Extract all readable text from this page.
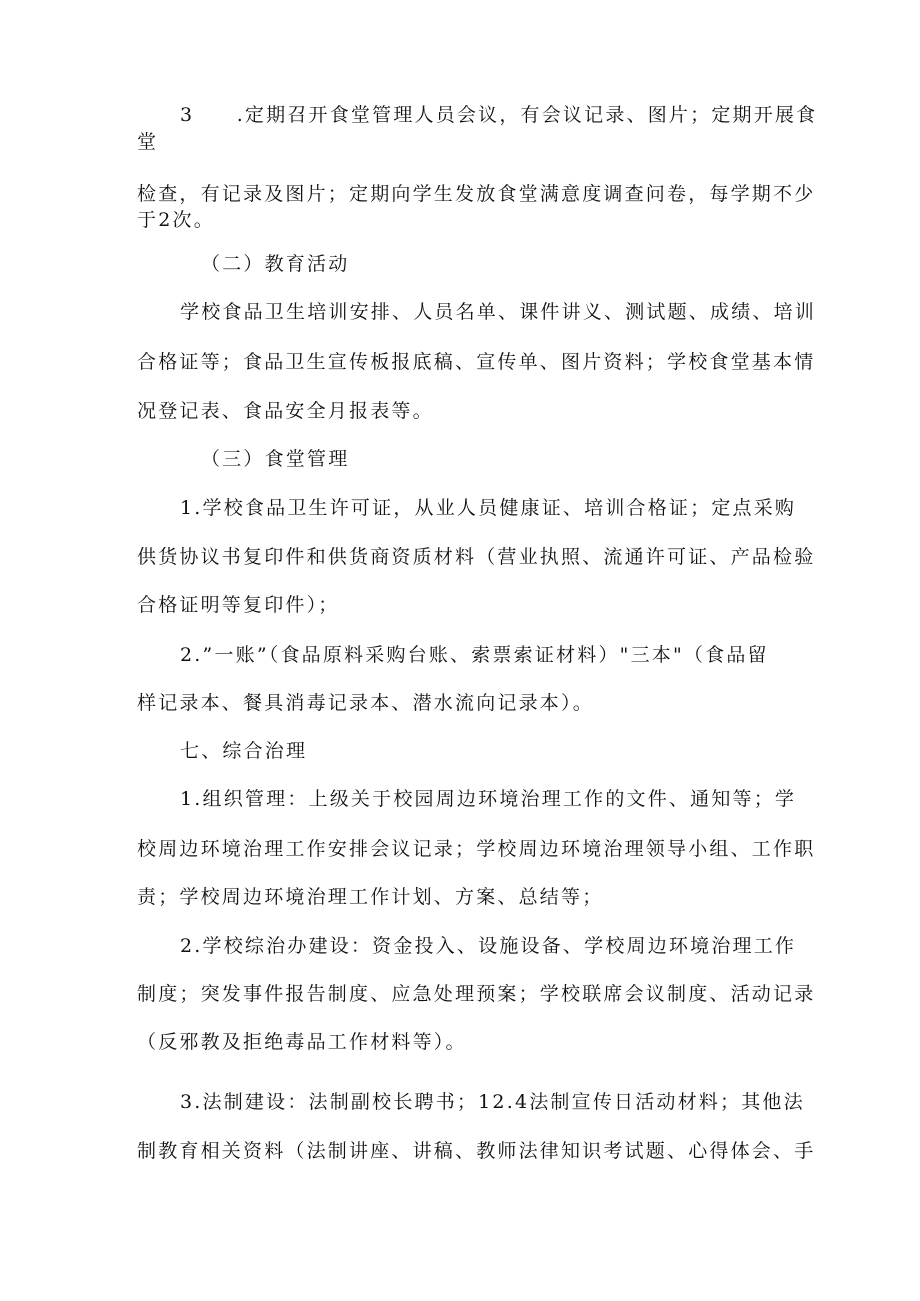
3　　.定期召开食堂管理人员会议，有会议记录、图片；定期开展食
堂
检查，有记录及图片；定期向学生发放食堂满意度调查问卷，每学期不少
于2次。
（二）教育活动
学校食品卫生培训安排、人员名单、课件讲义、测试题、成绩、培训
合格证等；食品卫生宣传板报底稿、宣传单、图片资料；学校食堂基本情
况登记表、食品安全月报表等。
（三）食堂管理
1.学校食品卫生许可证，从业人员健康证、培训合格证；定点采购
供货协议书复印件和供货商资质材料（营业执照、流通许可证、产品检验
合格证明等复印件）；
2.”一账”（食品原料采购台账、索票索证材料）"三本"（食品留
样记录本、餐具消毒记录本、潜水流向记录本）。
七、综合治理
1.组织管理：上级关于校园周边环境治理工作的文件、通知等；学
校周边环境治理工作安排会议记录；学校周边环境治理领导小组、工作职
责；学校周边环境治理工作计划、方案、总结等；
2.学校综治办建设：资金投入、设施设备、学校周边环境治理工作
制度；突发事件报告制度、应急处理预案；学校联席会议制度、活动记录
（反邪教及拒绝毒品工作材料等）。
3.法制建设：法制副校长聘书；12.4法制宣传日活动材料；其他法
制教育相关资料（法制讲座、讲稿、教师法律知识考试题、心得体会、手
